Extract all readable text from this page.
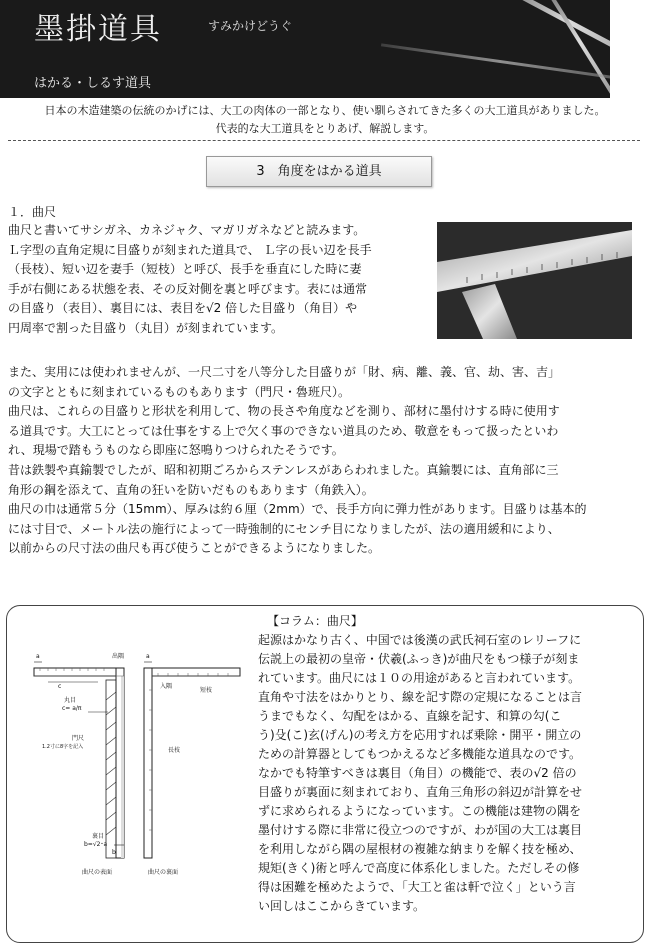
墨掛道具	すみかけどうぐ
はかる・しるす道具
日本の木造建築の伝統のかげには、大工の肉体の一部となり、使い馴らされてきた多くの大工道具がありました。
代表的な大工道具をとりあげ、解説します。
3　角度をはかる道具
１．曲尺
曲尺と書いてサシガネ、カネジャク、マガリガネなどと読みます。
Ｌ字型の直角定規に目盛りが刻まれた道具で、 Ｌ字の長い辺を長手
（長枝）、短い辺を妻手（短枝）と呼び、長手を垂直にした時に妻
手が右側にある状態を表、その反対側を裏と呼びます。表には通常
の目盛り（表目）、裏目には、表目を√2 倍した目盛り（角目）や
円周率で割った目盛り（丸目）が刻まれています。
また、実用には使われませんが、一尺二寸を八等分した目盛りが「財、病、離、義、官、劫、害、吉」
の文字とともに刻まれているものもあります（門尺・魯班尺）。
曲尺は、これらの目盛りと形状を利用して、物の長さや角度などを測り、部材に墨付けする時に使用す
る道具です。大工にとっては仕事をする上で欠く事のできない道具のため、敬意をもって扱ったといわ
れ、現場で踏もうものなら即座に怒鳴りつけられたそうです。
昔は鉄製や真鍮製でしたが、昭和初期ごろからステンレスがあらわれました。真鍮製には、直角部に三
角形の鋼を添えて、直角の狂いを防いだものもあります（角鉄入）。
曲尺の巾は通常５分（15mm）、厚みは約６厘（2mm）で、長手方向に弾力性があります。目盛りは基本的
には寸目で、メートル法の施行によって一時強制的にセンチ目になりましたが、法の適用緩和により、
以前からの尺寸法の曲尺も再び使うことができるようになりました。
【コラム：曲尺】
起源はかなり古く、中国では後漢の武氏祠石室のレリーフに
伝説上の最初の皇帝・伏羲(ふっき)が曲尺をもつ様子が刻ま
れています。曲尺には１０の用途があると言われています。
直角や寸法をはかりとり、線を記す際の定規になることは言
うまでもなく、勾配をはかる、直線を記す、和算の勾(こ
う)殳(こ)玄(げん)の考え方を応用すれば乗除・開平・開立の
ための計算器としてもつかえるなど多機能な道具なのです。
なかでも特筆すべきは裏目（角目）の機能で、表の√2 倍の
目盛りが裏面に刻まれており、直角三角形の斜辺が計算をせ
ずに求められるようになっています。この機能は建物の隅を
墨付けする際に非常に役立つのですが、わが国の大工は裏目
を利用しながら隅の屋根材の複雑な納まりを解く技を極め、
規矩(きく)術と呼んで高度に体系化しました。ただしその修
得は困難を極めたようで、「大工と雀は軒で泣く」という言
い回しはここからきています。
a	a
c
出隅
入隅
短枝
長枝
丸目
c= a/π
門尺
1.2寸に8字を記入
裏目
b=√2･a
b
曲尺の表面	曲尺の裏面
